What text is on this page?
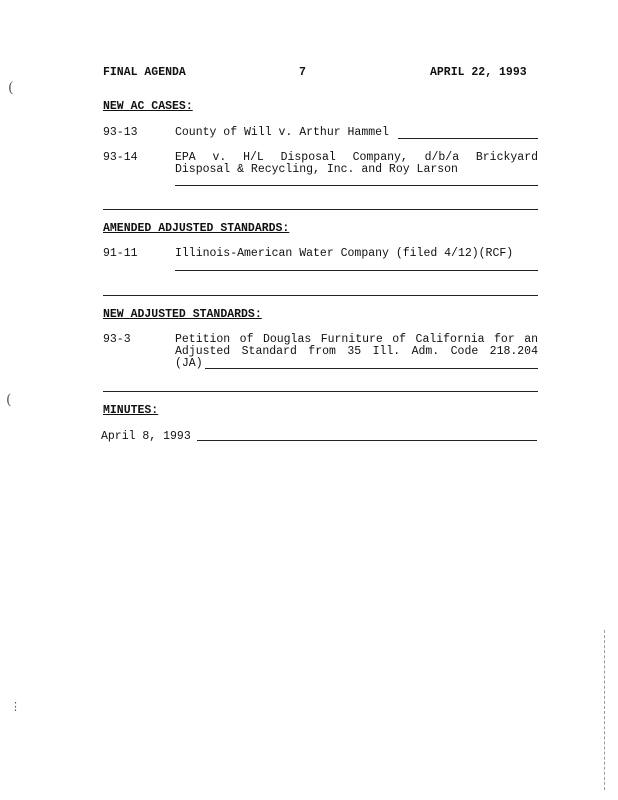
FINAL AGENDA	7	APRIL 22, 1993
NEW AC CASES:
93-13	County of Will v. Arthur Hammel
93-14	EPA v. H/L Disposal Company, d/b/a Brickyard
Disposal & Recycling, Inc. and Roy Larson
AMENDED ADJUSTED STANDARDS:
91-11	Illinois-American Water Company (filed 4/12)(RCF)
NEW ADJUSTED STANDARDS:
93-3	Petition of Douglas Furniture of California for an
Adjusted Standard from 35 Ill. Adm. Code 218.204
(JA)
MINUTES:
April 8, 1993
(
(
⋮
